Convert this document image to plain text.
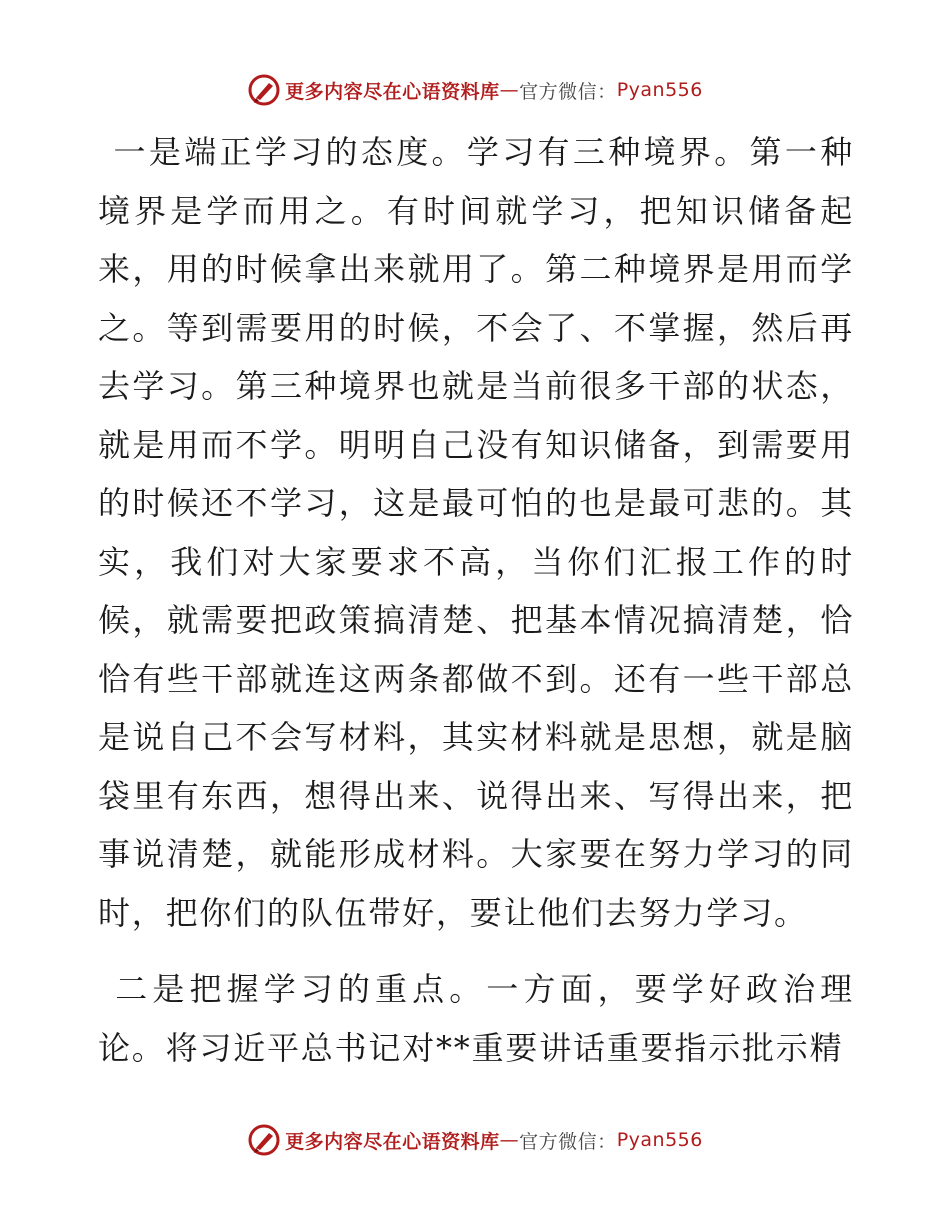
更多内容尽在心语资料库 — 官方微信 ： Pyan556

一是端正学习的态度。学习有三种境界。第一种境界是学而用之。有时间就学习，把知识储备起来，用的时候拿出来就用了。第二种境界是用而学之。等到需要用的时候，不会了、不掌握，然后再去学习。第三种境界也就是当前很多干部的状态，就是用而不学。明明自己没有知识储备，到需要用的时候还不学习，这是最可怕的也是最可悲的。其实，我们对大家要求不高，当你们汇报工作的时候，就需要把政策搞清楚、把基本情况搞清楚，恰恰有些干部就连这两条都做不到。还有一些干部总是说自己不会写材料，其实材料就是思想，就是脑袋里有东西，想得出来、说得出来、写得出来，把事说清楚，就能形成材料。大家要在努力学习的同时，把你们的队伍带好，要让他们去努力学习。

二是把握学习的重点。一方面，要学好政治理论。将习近平总书记对**重要讲话重要指示批示精

更多内容尽在心语资料库 — 官方微信 ： Pyan556
